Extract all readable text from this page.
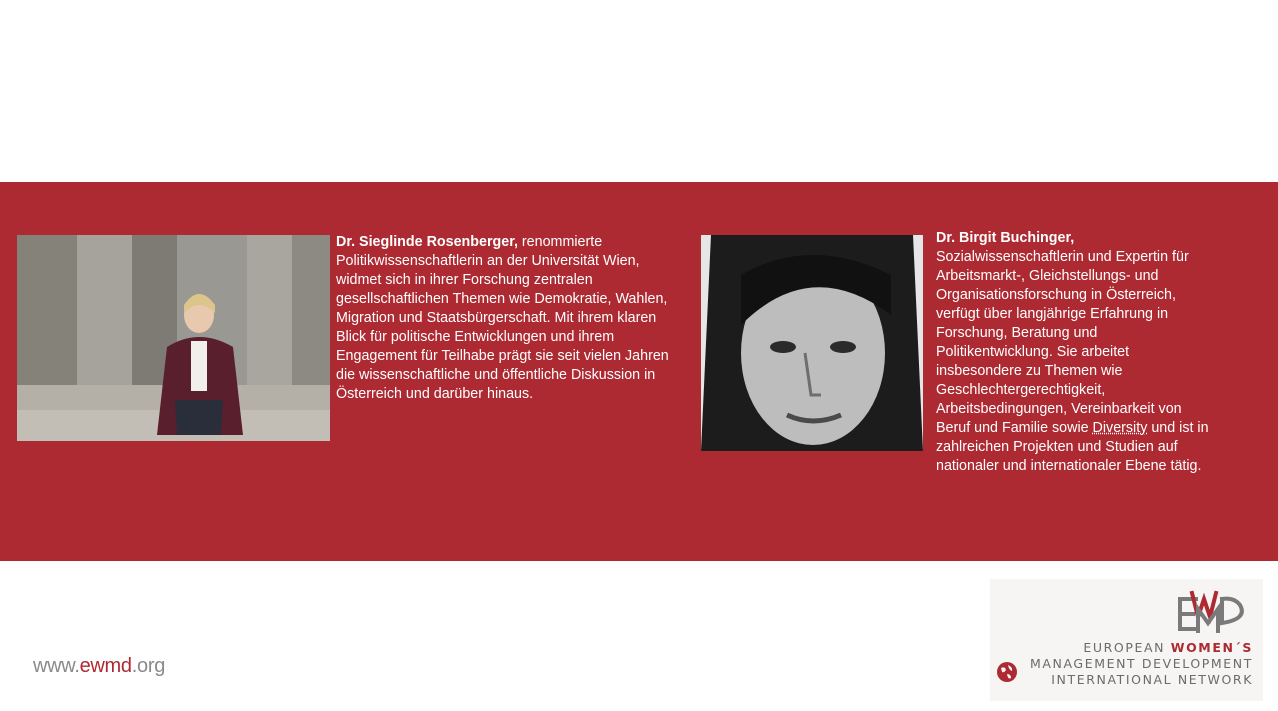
Dr. Sieglinde Rosenberger, renommierte Politikwissenschaftlerin an der Universität Wien, widmet sich in ihrer Forschung zentralen gesellschaftlichen Themen wie Demokratie, Wahlen, Migration und Staatsbürgerschaft. Mit ihrem klaren Blick für politische Entwicklungen und ihrem Engagement für Teilhabe prägt sie seit vielen Jahren die wissenschaftliche und öffentliche Diskussion in Österreich und darüber hinaus.
Dr. Birgit Buchinger,
Sozialwissenschaftlerin und Expertin für Arbeitsmarkt-, Gleichstellungs- und Organisationsforschung in Österreich, verfügt über langjährige Erfahrung in Forschung, Beratung und Politikentwicklung. Sie arbeitet insbesondere zu Themen wie Geschlechtergerechtigkeit, Arbeitsbedingungen, Vereinbarkeit von Beruf und Familie sowie Diversity und ist in zahlreichen Projekten und Studien auf nationaler und internationaler Ebene tätig.
www.ewmd.org
EUROPEAN WOMEN´S
MANAGEMENT DEVELOPMENT
INTERNATIONAL NETWORK
